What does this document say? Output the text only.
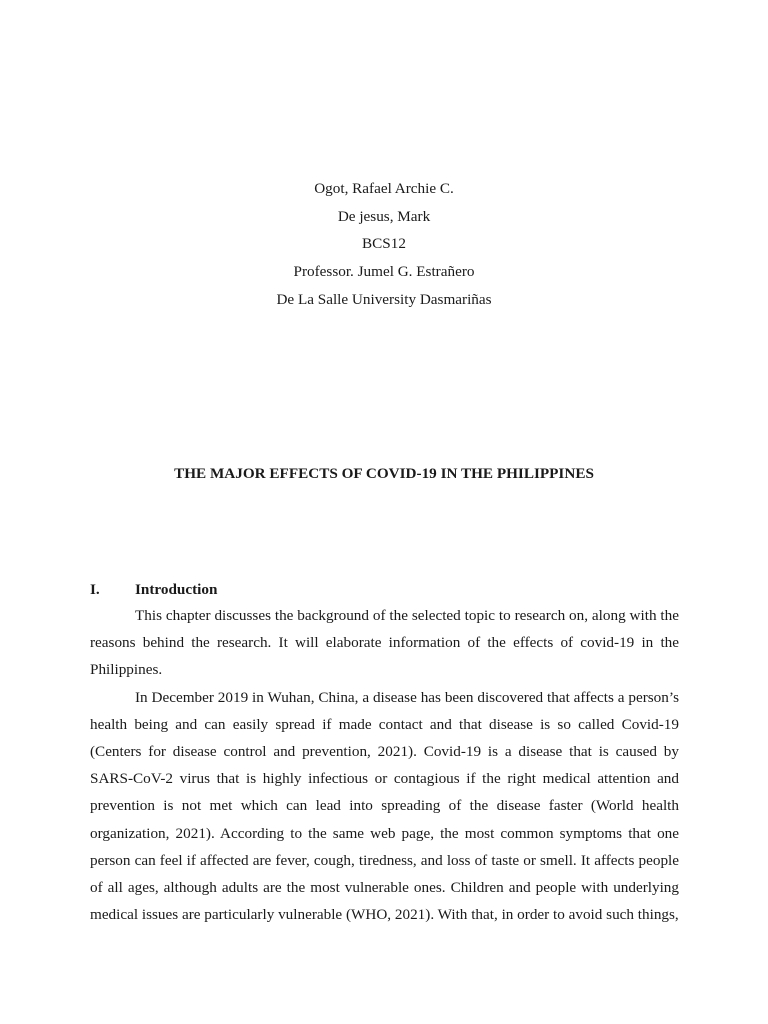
Ogot, Rafael Archie C.

De jesus, Mark

BCS12

Professor. Jumel G. Estrañero

De La Salle University Dasmariñas

THE MAJOR EFFECTS OF COVID-19 IN THE PHILIPPINES
I. Introduction

This chapter discusses the background of the selected topic to research on, along with the reasons behind the research. It will elaborate information of the effects of covid-19 in the Philippines.

In December 2019 in Wuhan, China, a disease has been discovered that affects a person’s health being and can easily spread if made contact and that disease is so called Covid-19 (Centers for disease control and prevention, 2021). Covid-19 is a disease that is caused by SARS-CoV-2 virus that is highly infectious or contagious if the right medical attention and prevention is not met which can lead into spreading of the disease faster (World health organization, 2021). According to the same web page, the most common symptoms that one person can feel if affected are fever, cough, tiredness, and loss of taste or smell. It affects people of all ages, although adults are the most vulnerable ones. Children and people with underlying medical issues are particularly vulnerable (WHO, 2021). With that, in order to avoid such things,
